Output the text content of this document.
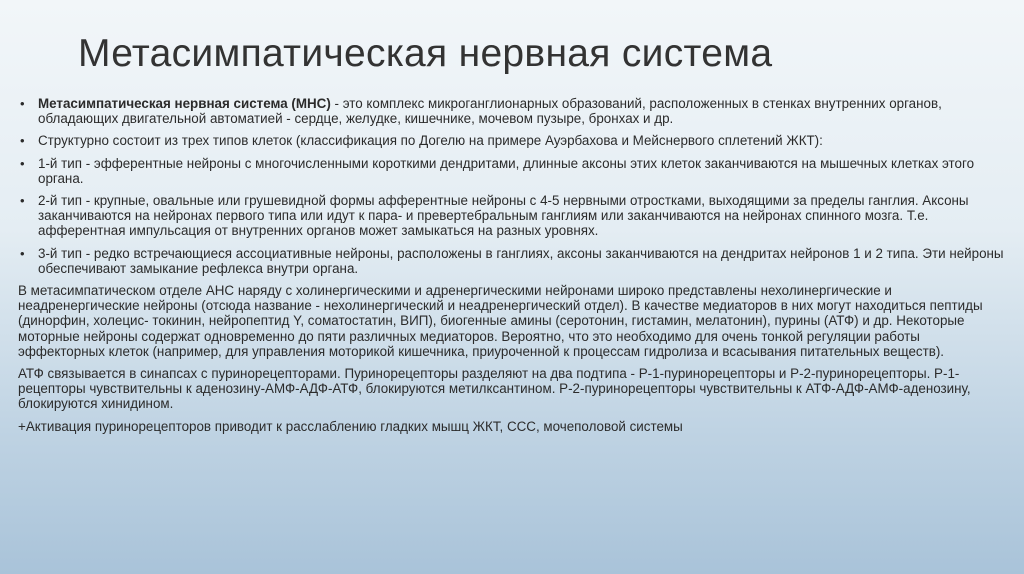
Метасимпатическая нервная система
• Метасимпатическая нервная система (МНС) - это комплекс микроганглионарных образований, расположенных в стенках внутренних органов, обладающих двигательной автоматией - сердце, желудке, кишечнике, мочевом пузыре, бронхах и др.
• Структурно состоит из трех типов клеток (классификация по Догелю на примере Ауэрбахова и Мейснервого сплетений ЖКТ):
• 1-й тип - эфферентные нейроны с многочисленными короткими дендритами, длинные аксоны этих клеток заканчиваются на мышечных клетках этого органа.
• 2-й тип - крупные, овальные или грушевидной формы афферентные нейроны с 4-5 нервными отростками, выходящими за пределы ганглия. Аксоны заканчиваются на нейронах первого типа или идут к пара- и превертебральным ганглиям или заканчиваются на нейронах спинного мозга. Т.е. афферентная импульсация от внутренних органов может замыкаться на разных уровнях.
• 3-й тип - редко встречающиеся ассоциативные нейроны, расположены в ганглиях, аксоны заканчиваются на дендритах нейронов 1 и 2 типа. Эти нейроны обеспечивают замыкание рефлекса внутри органа.

В метасимпатическом отделе АНС наряду с холинергическими и адренергическими нейронами широко представлены нехолинергические и неадренергические нейроны (отсюда название - нехолинергический и неадренергический отдел). В качестве медиаторов в них могут находиться пептиды (динорфин, холецис- токинин, нейропептид Y, соматостатин, ВИП), биогенные амины (серотонин, гистамин, мелатонин), пурины (АТФ) и др. Некоторые моторные нейроны содержат одновременно до пяти различных медиаторов. Вероятно, что это необходимо для очень тонкой регуляции работы эффекторных клеток (например, для управления моторикой кишечника, приуроченной к процессам гидролиза и всасывания питательных веществ).

АТФ связывается в синапсах с пуринорецепторами. Пуринорецепторы разделяют на два подтипа - Р-1-пуринорецепторы и Р-2-пуринорецепторы. Р-1-рецепторы чувствительны к аденозину-АМФ-АДФ-АТФ, блокируются метилксантином. Р-2-пуринорецепторы чувствительны к АТФ-АДФ-АМФ-аденозину, блокируются хинидином.

+Активация пуринорецепторов приводит к расслаблению гладких мышц ЖКТ, ССС, мочеполовой системы
